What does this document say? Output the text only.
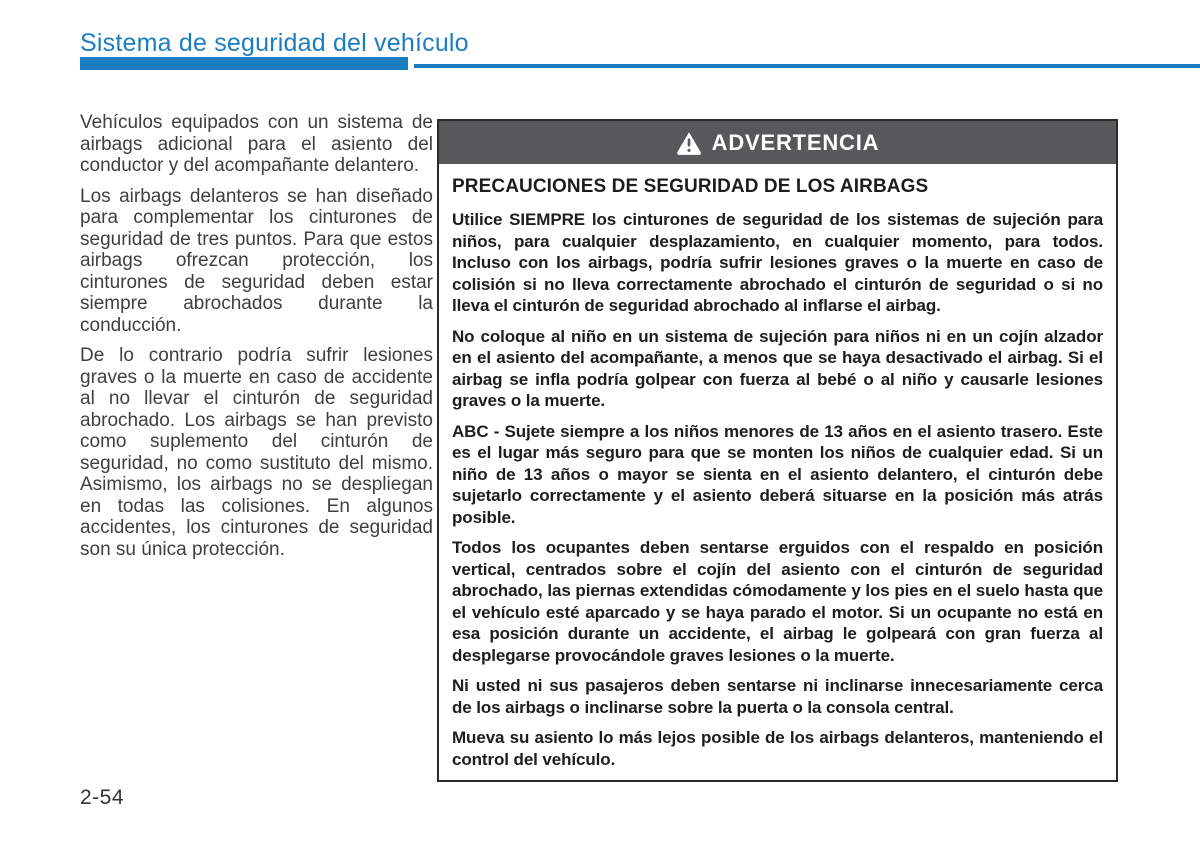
Sistema de seguridad del vehículo

Vehículos equipados con un sistema de airbags adicional para el asiento del conductor y del acompañante delantero.

Los airbags delanteros se han diseñado para complementar los cinturones de seguridad de tres puntos. Para que estos airbags ofrezcan protección, los cinturones de seguridad deben estar siempre abrochados durante la conducción.

De lo contrario podría sufrir lesiones graves o la muerte en caso de accidente al no llevar el cinturón de seguridad abrochado. Los airbags se han previsto como suplemento del cinturón de seguridad, no como sustituto del mismo. Asimismo, los airbags no se despliegan en todas las colisiones. En algunos accidentes, los cinturones de seguridad son su única protección.

ADVERTENCIA
PRECAUCIONES DE SEGURIDAD DE LOS AIRBAGS

Utilice SIEMPRE los cinturones de seguridad de los sistemas de sujeción para niños, para cualquier desplazamiento, en cualquier momento, para todos. Incluso con los airbags, podría sufrir lesiones graves o la muerte en caso de colisión si no lleva correctamente abrochado el cinturón de seguridad o si no lleva el cinturón de seguridad abrochado al inflarse el airbag.

No coloque al niño en un sistema de sujeción para niños ni en un cojín alzador en el asiento del acompañante, a menos que se haya desactivado el airbag. Si el airbag se infla podría golpear con fuerza al bebé o al niño y causarle lesiones graves o la muerte.

ABC - Sujete siempre a los niños menores de 13 años en el asiento trasero. Este es el lugar más seguro para que se monten los niños de cualquier edad. Si un niño de 13 años o mayor se sienta en el asiento delantero, el cinturón debe sujetarlo correctamente y el asiento deberá situarse en la posición más atrás posible.

Todos los ocupantes deben sentarse erguidos con el respaldo en posición vertical, centrados sobre el cojín del asiento con el cinturón de seguridad abrochado, las piernas extendidas cómodamente y los pies en el suelo hasta que el vehículo esté aparcado y se haya parado el motor. Si un ocupante no está en esa posición durante un accidente, el airbag le golpeará con gran fuerza al desplegarse provocándole graves lesiones o la muerte.

Ni usted ni sus pasajeros deben sentarse ni inclinarse innecesariamente cerca de los airbags o inclinarse sobre la puerta o la consola central.

Mueva su asiento lo más lejos posible de los airbags delanteros, manteniendo el control del vehículo.

2-54
